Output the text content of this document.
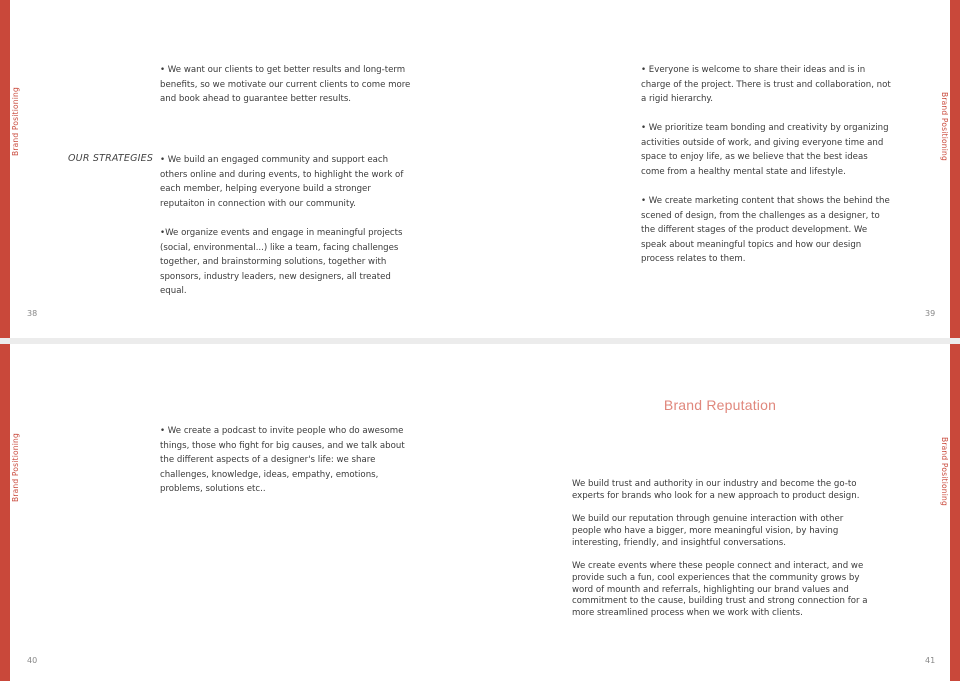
Brand Positioning	Brand Positioning

• We want our clients to get better results and long-term benefits, so we motivate our current clients to come more and book ahead to guarantee better results.

OUR STRATEGIES • We build an engaged community and support each others online and during events, to highlight the work of each member, helping everyone build a stronger reputaiton in connection with our community.

•We organize events and engage in meaningful projects (social, environmental...) like a team, facing challenges together, and brainstorming solutions, together with sponsors, industry leaders, new designers, all treated equal.

• Everyone is welcome to share their ideas and is in charge of the project. There is trust and collaboration, not a rigid hierarchy.

• We prioritize team bonding and creativity by organizing activities outside of work, and giving everyone time and space to enjoy life, as we believe that the best ideas come from a healthy mental state and lifestyle.

• We create marketing content that shows the behind the scened of design, from the challenges as a designer, to the different stages of the product development. We speak about meaningful topics and how our design process relates to them.

38	39
Brand Positioning	Brand Positioning

• We create a podcast to invite people who do awesome things, those who fight for big causes, and we talk about the different aspects of a designer's life: we share challenges, knowledge, ideas, empathy, emotions, problems, solutions etc..

40	41
Brand Reputation

We build trust and authority in our industry and become the go-to experts for brands who look for a new approach to product design.

We build our reputation through genuine interaction with other people who have a bigger, more meaningful vision, by having interesting, friendly, and insightful conversations.

We create events where these people connect and interact, and we provide such a fun, cool experiences that the community grows by word of mounth and referrals, highlighting our brand values and commitment to the cause, building trust and strong connection for a more streamlined process when we work with clients.
